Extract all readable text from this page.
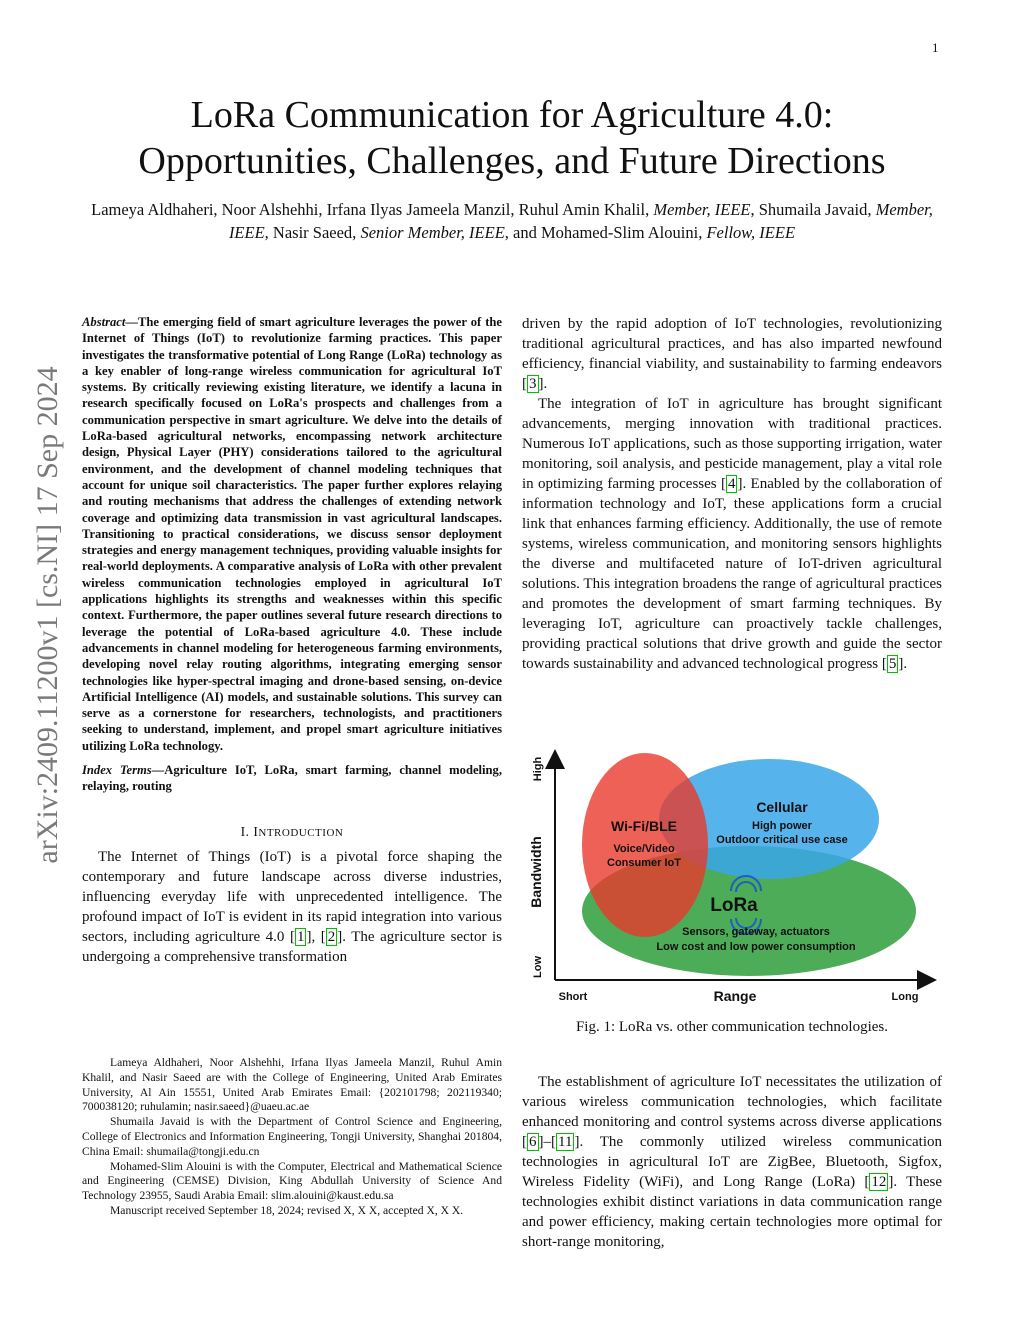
1
arXiv:2409.11200v1 [cs.NI] 17 Sep 2024
LoRa Communication for Agriculture 4.0:
Opportunities, Challenges, and Future Directions
Lameya Aldhaheri, Noor Alshehhi, Irfana Ilyas Jameela Manzil, Ruhul Amin Khalil, Member, IEEE, Shumaila Javaid, Member, IEEE, Nasir Saeed, Senior Member, IEEE, and Mohamed-Slim Alouini, Fellow, IEEE

Abstract—The emerging field of smart agriculture leverages the power of the Internet of Things (IoT) to revolutionize farming practices. This paper investigates the transformative potential of Long Range (LoRa) technology as a key enabler of long-range wireless communication for agricultural IoT systems. By critically reviewing existing literature, we identify a lacuna in research specifically focused on LoRa's prospects and challenges from a communication perspective in smart agriculture. We delve into the details of LoRa-based agricultural networks, encompassing network architecture design, Physical Layer (PHY) considerations tailored to the agricultural environment, and the development of channel modeling techniques that account for unique soil characteristics. The paper further explores relaying and routing mechanisms that address the challenges of extending network coverage and optimizing data transmission in vast agricultural landscapes. Transitioning to practical considerations, we discuss sensor deployment strategies and energy management techniques, providing valuable insights for real-world deployments. A comparative analysis of LoRa with other prevalent wireless communication technologies employed in agricultural IoT applications highlights its strengths and weaknesses within this specific context. Furthermore, the paper outlines several future research directions to leverage the potential of LoRa-based agriculture 4.0. These include advancements in channel modeling for heterogeneous farming environments, developing novel relay routing algorithms, integrating emerging sensor technologies like hyper-spectral imaging and drone-based sensing, on-device Artificial Intelligence (AI) models, and sustainable solutions. This survey can serve as a cornerstone for researchers, technologists, and practitioners seeking to understand, implement, and propel smart agriculture initiatives utilizing LoRa technology.

Index Terms—Agriculture IoT, LoRa, smart farming, channel modeling, relaying, routing

I. INTRODUCTION

The Internet of Things (IoT) is a pivotal force shaping the contemporary and future landscape across diverse industries, influencing everyday life with unprecedented intelligence. The profound impact of IoT is evident in its rapid integration into various sectors, including agriculture 4.0 [ 1 ], [ 2 ]. The agriculture sector is undergoing a comprehensive transformation

Lameya Aldhaheri, Noor Alshehhi, Irfana Ilyas Jameela Manzil, Ruhul Amin Khalil, and Nasir Saeed are with the College of Engineering, United Arab Emirates University, Al Ain 15551, United Arab Emirates Email: {202101798; 202119340; 700038120; ruhulamin; nasir.saeed}@uaeu.ac.ae

Shumaila Javaid is with the Department of Control Science and Engineering, College of Electronics and Information Engineering, Tongji University, Shanghai 201804, China Email: shumaila@tongji.edu.cn

Mohamed-Slim Alouini is with the Computer, Electrical and Mathematical Science and Engineering (CEMSE) Division, King Abdullah University of Science And Technology 23955, Saudi Arabia Email: slim.alouini@kaust.edu.sa

Manuscript received September 18, 2024; revised X, X X, accepted X, X X.

driven by the rapid adoption of IoT technologies, revolutionizing traditional agricultural practices, and has also imparted newfound efficiency, financial viability, and sustainability to farming endeavors [ 3 ].

The integration of IoT in agriculture has brought significant advancements, merging innovation with traditional practices. Numerous IoT applications, such as those supporting irrigation, water monitoring, soil analysis, and pesticide management, play a vital role in optimizing farming processes [ 4 ]. Enabled by the collaboration of information technology and IoT, these applications form a crucial link that enhances farming efficiency. Additionally, the use of remote systems, wireless communication, and monitoring sensors highlights the diverse and multifaceted nature of IoT-driven agricultural solutions. This integration broadens the range of agricultural practices and promotes the development of smart farming techniques. By leveraging IoT, agriculture can proactively tackle challenges, providing practical solutions that drive growth and guide the sector towards sustainability and advanced technological progress [ 5 ].

High
Bandwidth
Low
Short	Range	Long
Cellular
High power
Outdoor critical use case
Wi-Fi/BLE
Voice/Video
Consumer IoT
LoRa
Sensors, gateway, actuators
Low cost and low power consumption
Fig. 1: LoRa vs. other communication technologies.

The establishment of agriculture IoT necessitates the utilization of various wireless communication technologies, which facilitate enhanced monitoring and control systems across diverse applications [ 6 ]–[ 11 ]. The commonly utilized wireless communication technologies in agricultural IoT are ZigBee, Bluetooth, Sigfox, Wireless Fidelity (WiFi), and Long Range (LoRa) [ 12 ]. These technologies exhibit distinct variations in data communication range and power efficiency, making certain technologies more optimal for short-range monitoring,
